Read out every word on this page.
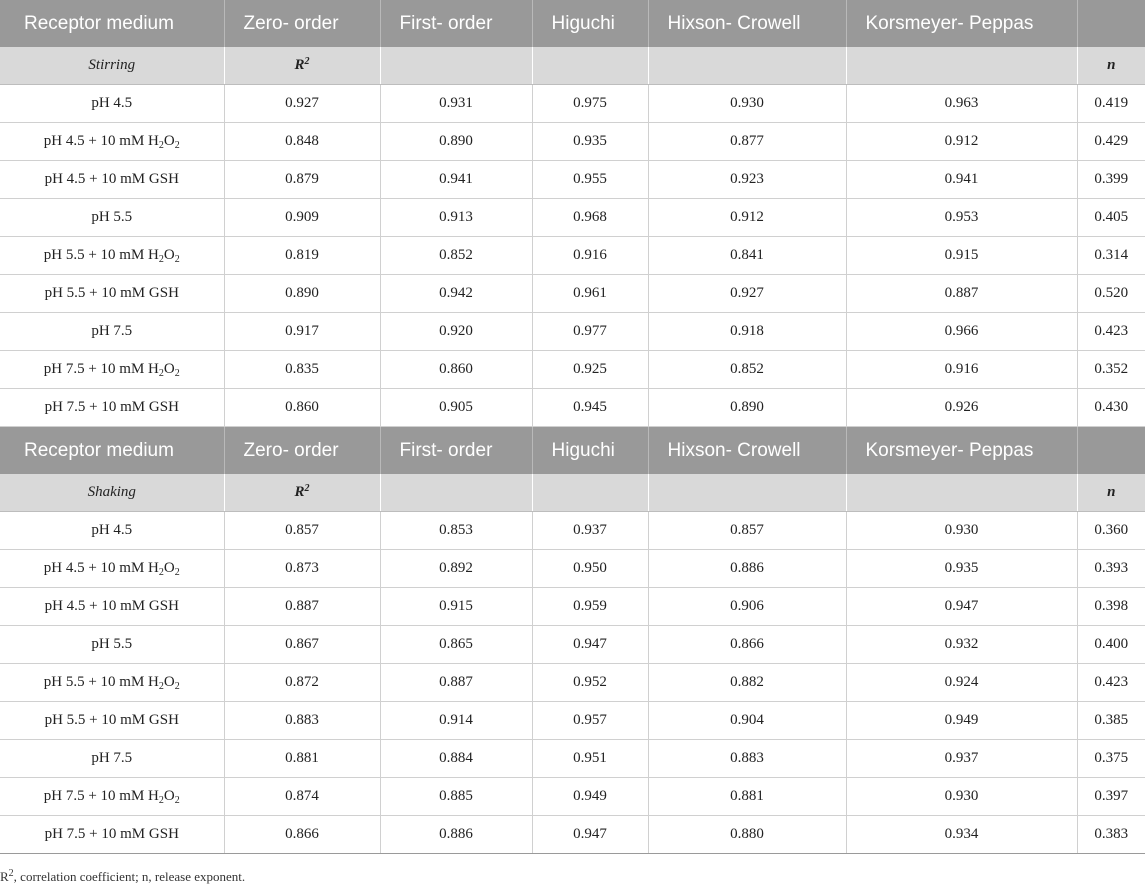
Receptor medium	Zero- order	First- order	Higuchi	Hixson- Crowell	Korsmeyer- Peppas	
Stirring	$R^2$					n
pH 4.5	0.927	0.931	0.975	0.930	0.963	0.419
pH 4.5 + 10 mM $H_2O_2$	0.848	0.890	0.935	0.877	0.912	0.429
pH 4.5 + 10 mM GSH	0.879	0.941	0.955	0.923	0.941	0.399
pH 5.5	0.909	0.913	0.968	0.912	0.953	0.405
pH 5.5 + 10 mM $H_2O_2$	0.819	0.852	0.916	0.841	0.915	0.314
pH 5.5 + 10 mM GSH	0.890	0.942	0.961	0.927	0.887	0.520
pH 7.5	0.917	0.920	0.977	0.918	0.966	0.423
pH 7.5 + 10 mM $H_2O_2$	0.835	0.860	0.925	0.852	0.916	0.352
pH 7.5 + 10 mM GSH	0.860	0.905	0.945	0.890	0.926	0.430
Receptor medium	Zero- order	First- order	Higuchi	Hixson- Crowell	Korsmeyer- Peppas	
Shaking	$R^2$					n
pH 4.5	0.857	0.853	0.937	0.857	0.930	0.360
pH 4.5 + 10 mM $H_2O_2$	0.873	0.892	0.950	0.886	0.935	0.393
pH 4.5 + 10 mM GSH	0.887	0.915	0.959	0.906	0.947	0.398
pH 5.5	0.867	0.865	0.947	0.866	0.932	0.400
pH 5.5 + 10 mM $H_2O_2$	0.872	0.887	0.952	0.882	0.924	0.423
pH 5.5 + 10 mM GSH	0.883	0.914	0.957	0.904	0.949	0.385
pH 7.5	0.881	0.884	0.951	0.883	0.937	0.375
pH 7.5 + 10 mM $H_2O_2$	0.874	0.885	0.949	0.881	0.930	0.397
pH 7.5 + 10 mM GSH	0.866	0.886	0.947	0.880	0.934	0.383
$R^2$, correlation coefficient; n, release exponent.
